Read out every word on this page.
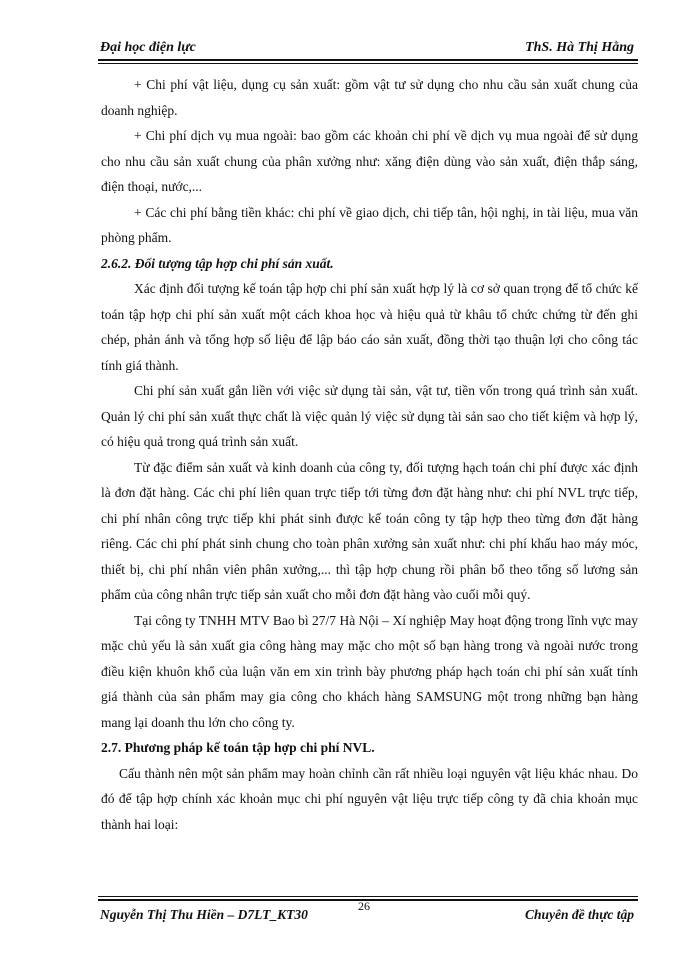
Đại học điện lực	ThS. Hà Thị Hằng

+ Chi phí vật liệu, dụng cụ sản xuất: gồm vật tư sử dụng cho nhu cầu sản xuất chung của doanh nghiệp.

+ Chi phí dịch vụ mua ngoài: bao gồm các khoản chi phí về dịch vụ mua ngoài để sử dụng cho nhu cầu sản xuất chung của phân xưởng như: xăng điện dùng vào sản xuất, điện thắp sáng, điện thoại, nước,...

+ Các chi phí bằng tiền khác: chi phí về giao dịch, chi tiếp tân, hội nghị, in tài liệu, mua văn phòng phẩm.

2.6.2. Đối tượng tập hợp chi phí sản xuất.

Xác định đối tượng kế toán tập hợp chi phí sản xuất hợp lý là cơ sở quan trọng để tổ chức kế toán tập hợp chi phí sản xuất một cách khoa học và hiệu quả từ khâu tổ chức chứng từ đến ghi chép, phản ánh và tổng hợp số liệu để lập báo cáo sản xuất, đồng thời tạo thuận lợi cho công tác tính giá thành.

Chi phí sản xuất gắn liền với việc sử dụng tài sản, vật tư, tiền vốn trong quá trình sản xuất. Quản lý chi phí sản xuất thực chất là việc quản lý việc sử dụng tài sản sao cho tiết kiệm và hợp lý, có hiệu quả trong quá trình sản xuất.

Từ đặc điểm sản xuất và kinh doanh của công ty, đối tượng hạch toán chi phí được xác định là đơn đặt hàng. Các chi phí liên quan trực tiếp tới từng đơn đặt hàng như: chi phí NVL trực tiếp, chi phí nhân công trực tiếp khi phát sinh được kế toán công ty tập hợp theo từng đơn đặt hàng riêng. Các chi phí phát sinh chung cho toàn phân xưởng sản xuất như: chi phí khấu hao máy móc, thiết bị, chi phí nhân viên phân xưởng,... thì tập hợp chung rồi phân bổ theo tổng số lương sản phẩm của công nhân trực tiếp sản xuất cho mỗi đơn đặt hàng vào cuối mỗi quý.

Tại công ty TNHH MTV Bao bì 27/7 Hà Nội – Xí nghiệp May hoạt động trong lĩnh vực may mặc chủ yếu là sản xuất gia công hàng may mặc cho một số bạn hàng trong và ngoài nước trong điều kiện khuôn khổ của luận văn em xin trình bày phương pháp hạch toán chi phí sản xuất tính giá thành của sản phẩm may gia công cho khách hàng SAMSUNG một trong những bạn hàng mang lại doanh thu lớn cho công ty.

2.7. Phương pháp kế toán tập hợp chi phí NVL.

Cấu thành nên một sản phẩm may hoàn chỉnh cần rất nhiều loại nguyên vật liệu khác nhau. Do đó để tập hợp chính xác khoản mục chi phí nguyên vật liệu trực tiếp công ty đã chia khoản mục thành hai loại:

26
Nguyễn Thị Thu Hiền – D7LT_KT30	Chuyên đề thực tập
